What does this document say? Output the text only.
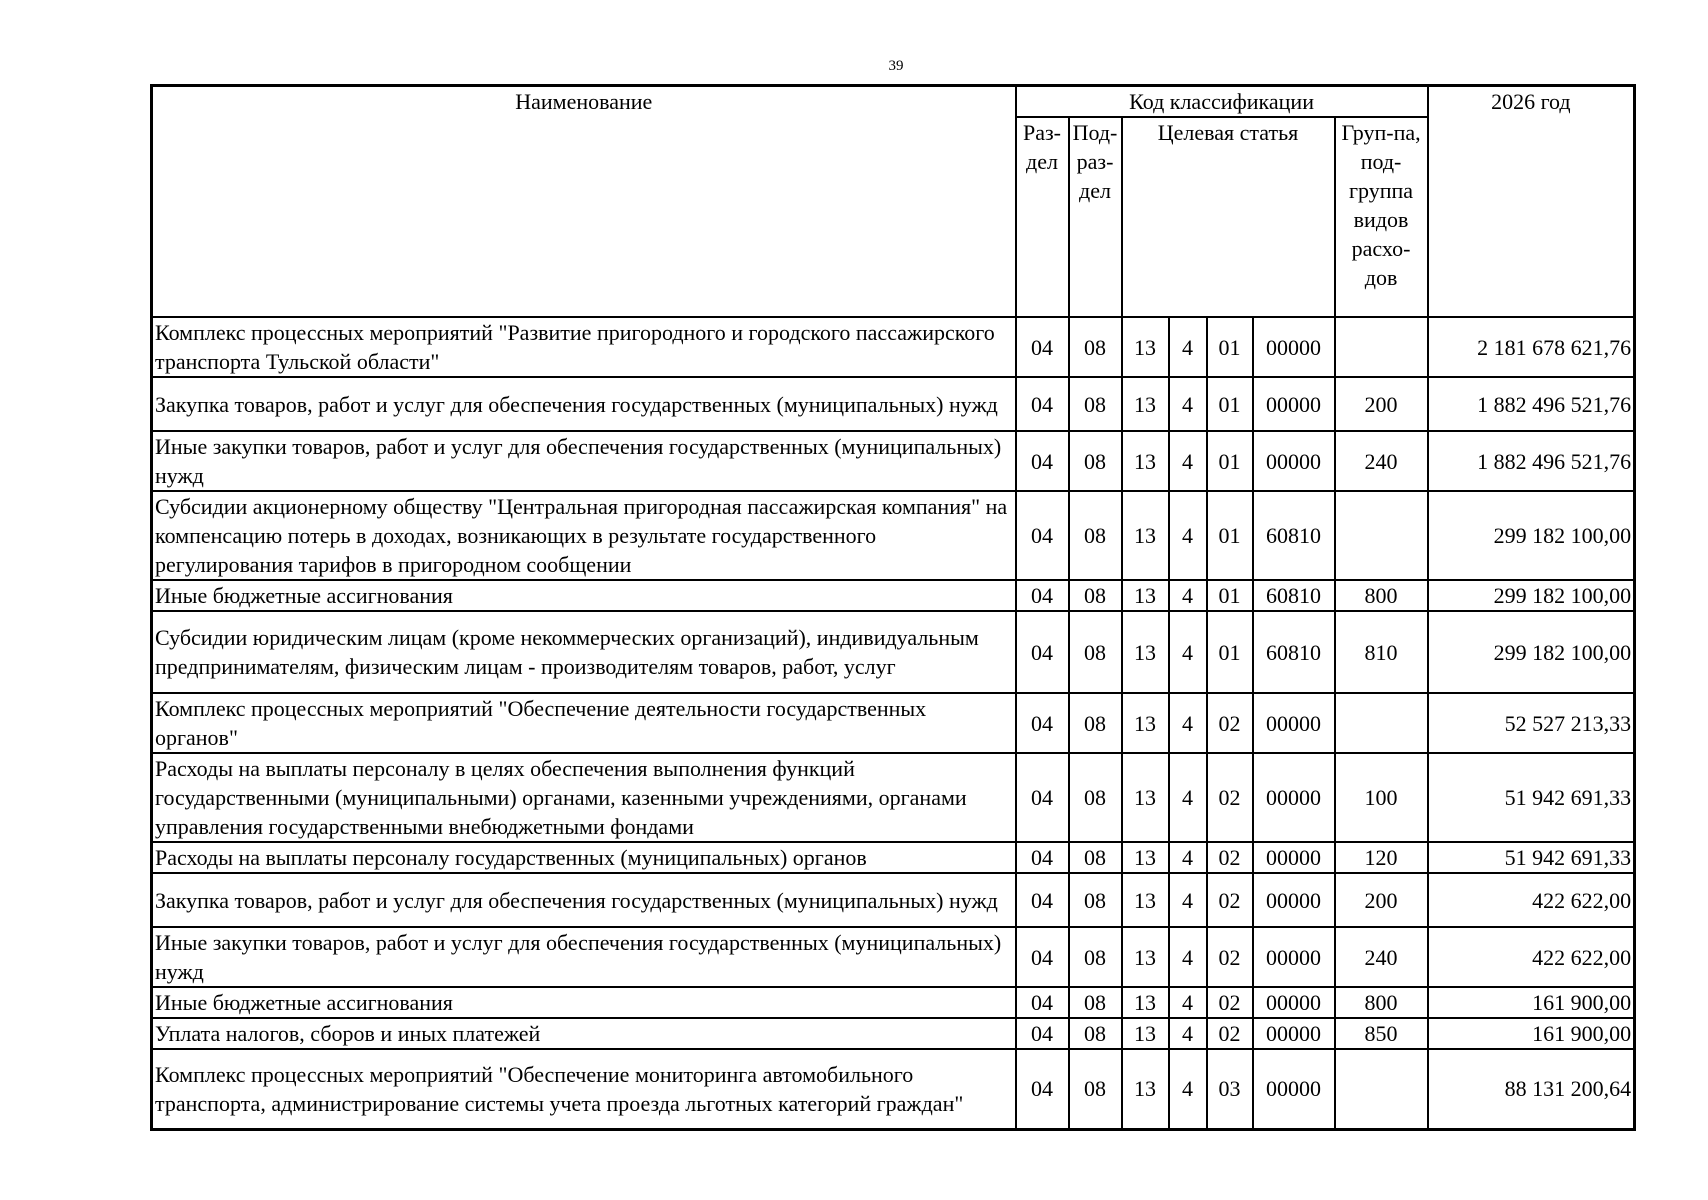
39
Наименование	Код классификации							2026 год
	Раз-дел	Под-раз-дел	Целевая статья				Груп-па, под-группа видов расхо-дов	
Комплекс процессных мероприятий "Развитие пригородного и городского пассажирского транспорта Тульской области"	04	08	13	4	01	00000		2 181 678 621,76
Закупка товаров, работ и услуг для обеспечения государственных (муниципальных) нужд	04	08	13	4	01	00000	200	1 882 496 521,76
Иные закупки товаров, работ и услуг для обеспечения государственных (муниципальных) нужд	04	08	13	4	01	00000	240	1 882 496 521,76
Субсидии акционерному обществу "Центральная пригородная пассажирская компания" на компенсацию потерь в доходах, возникающих в результате государственного регулирования тарифов в пригородном сообщении	04	08	13	4	01	60810		299 182 100,00
Иные бюджетные ассигнования	04	08	13	4	01	60810	800	299 182 100,00
Субсидии юридическим лицам (кроме некоммерческих организаций), индивидуальным предпринимателям, физическим лицам - производителям товаров, работ, услуг	04	08	13	4	01	60810	810	299 182 100,00
Комплекс процессных мероприятий "Обеспечение деятельности государственных органов"	04	08	13	4	02	00000		52 527 213,33
Расходы на выплаты персоналу в целях обеспечения выполнения функций государственными (муниципальными) органами, казенными учреждениями, органами управления государственными внебюджетными фондами	04	08	13	4	02	00000	100	51 942 691,33
Расходы на выплаты персоналу государственных (муниципальных) органов	04	08	13	4	02	00000	120	51 942 691,33
Закупка товаров, работ и услуг для обеспечения государственных (муниципальных) нужд	04	08	13	4	02	00000	200	422 622,00
Иные закупки товаров, работ и услуг для обеспечения государственных (муниципальных) нужд	04	08	13	4	02	00000	240	422 622,00
Иные бюджетные ассигнования	04	08	13	4	02	00000	800	161 900,00
Уплата налогов, сборов и иных платежей	04	08	13	4	02	00000	850	161 900,00
Комплекс процессных мероприятий "Обеспечение мониторинга автомобильного транспорта, администрирование системы учета проезда льготных категорий граждан"	04	08	13	4	03	00000		88 131 200,64
